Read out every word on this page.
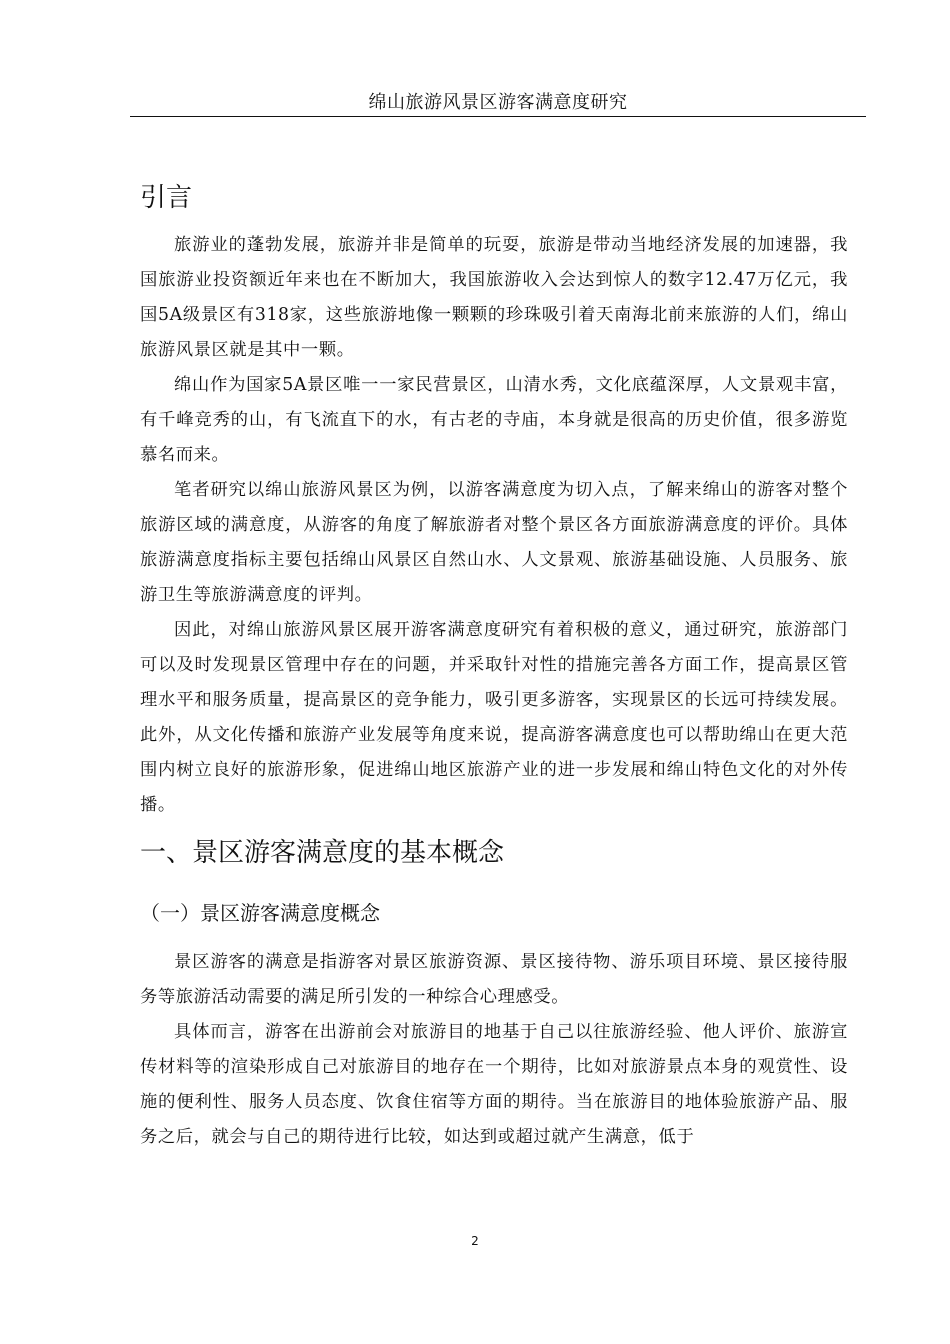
绵山旅游风景区游客满意度研究
引言

旅游业的蓬勃发展，旅游并非是简单的玩耍，旅游是带动当地经济发展的加速器，我国旅游业投资额近年来也在不断加大，我国旅游收入会达到惊人的数字12.47万亿元，我国5A级景区有318家，这些旅游地像一颗颗的珍珠吸引着天南海北前来旅游的人们，绵山旅游风景区就是其中一颗。

绵山作为国家5A景区唯一一家民营景区，山清水秀，文化底蕴深厚，人文景观丰富，有千峰竞秀的山，有飞流直下的水，有古老的寺庙，本身就是很高的历史价值，很多游览慕名而来。

笔者研究以绵山旅游风景区为例，以游客满意度为切入点，了解来绵山的游客对整个旅游区域的满意度，从游客的角度了解旅游者对整个景区各方面旅游满意度的评价。具体旅游满意度指标主要包括绵山风景区自然山水、人文景观、旅游基础设施、人员服务、旅游卫生等旅游满意度的评判。

因此，对绵山旅游风景区展开游客满意度研究有着积极的意义，通过研究，旅游部门可以及时发现景区管理中存在的问题，并采取针对性的措施完善各方面工作，提高景区管理水平和服务质量，提高景区的竞争能力，吸引更多游客，实现景区的长远可持续发展。此外，从文化传播和旅游产业发展等角度来说，提高游客满意度也可以帮助绵山在更大范围内树立良好的旅游形象，促进绵山地区旅游产业的进一步发展和绵山特色文化的对外传播。

一、景区游客满意度的基本概念
（一）景区游客满意度概念

景区游客的满意是指游客对景区旅游资源、景区接待物、游乐项目环境、景区接待服务等旅游活动需要的满足所引发的一种综合心理感受。

具体而言，游客在出游前会对旅游目的地基于自己以往旅游经验、他人评价、旅游宣传材料等的渲染形成自己对旅游目的地存在一个期待，比如对旅游景点本身的观赏性、设施的便利性、服务人员态度、饮食住宿等方面的期待。当在旅游目的地体验旅游产品、服务之后，就会与自己的期待进行比较，如达到或超过就产生满意，低于

2
